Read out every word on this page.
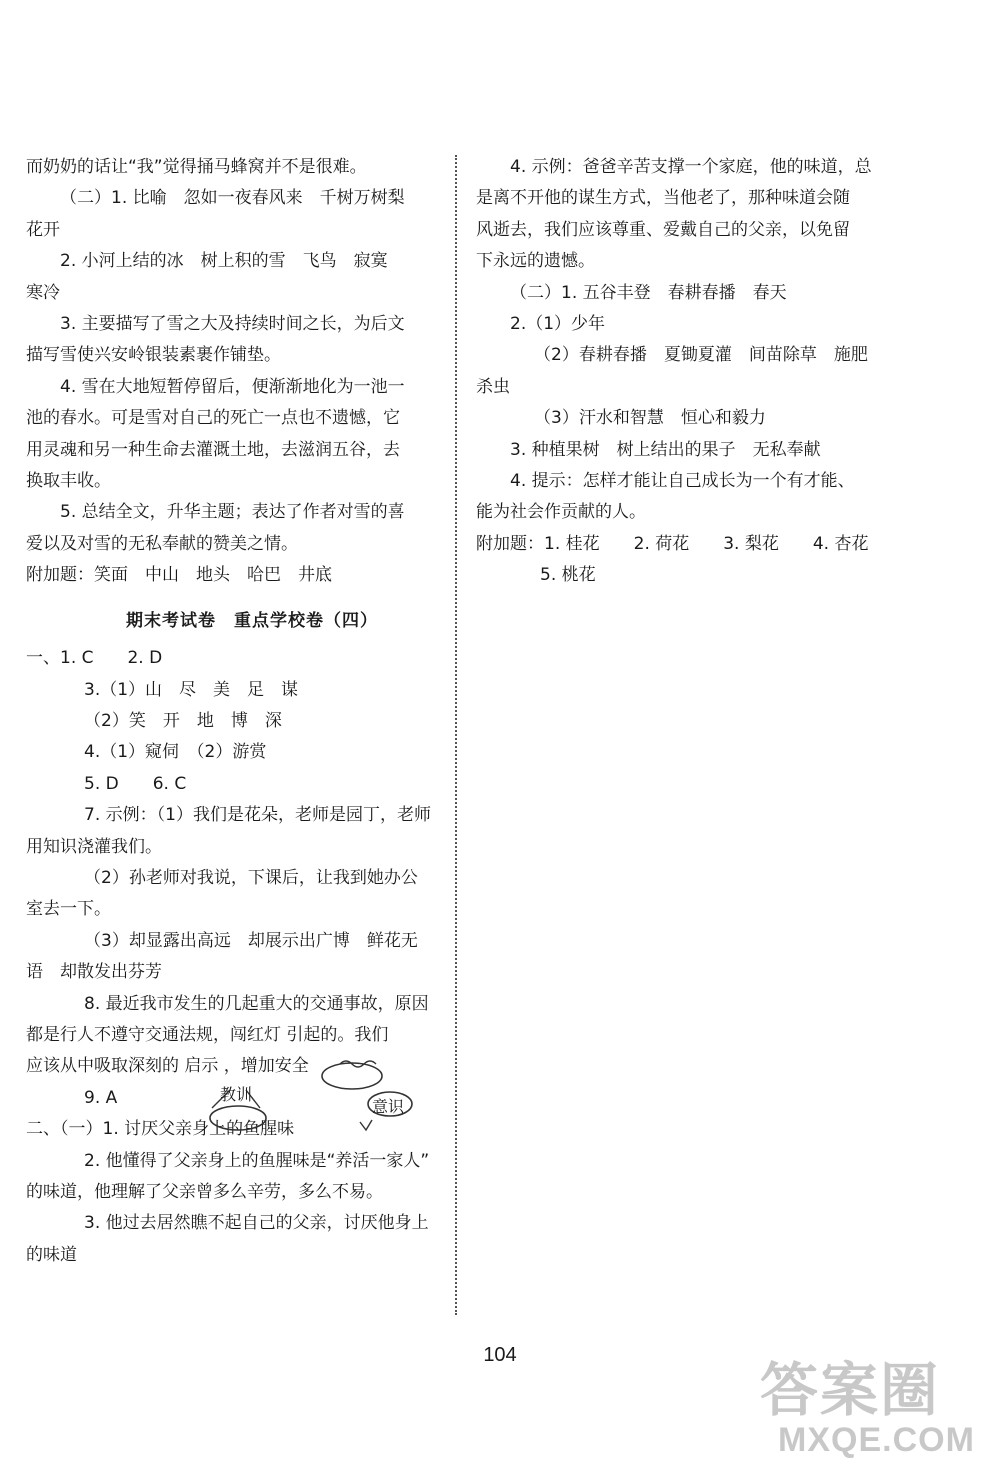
而奶奶的话让“我”觉得捅马蜂窝并不是很难。

（二）1. 比喻　忽如一夜春风来　千树万树梨

花开

2. 小河上结的冰　树上积的雪　飞鸟　寂寞

寒冷

3. 主要描写了雪之大及持续时间之长，为后文

描写雪使兴安岭银装素裹作铺垫。

4. 雪在大地短暂停留后，便渐渐地化为一池一

池的春水。可是雪对自己的死亡一点也不遗憾，它

用灵魂和另一种生命去灌溉土地，去滋润五谷，去

换取丰收。

5. 总结全文，升华主题；表达了作者对雪的喜

爱以及对雪的无私奉献的赞美之情。

附加题：笑面　中山　地头　哈巴　井底

期末考试卷　重点学校卷（四）

一、1. C　　2. D

3.（1）山　尽　美　足　谋

（2）笑　开　地　博　深

4.（1）窥伺　（2）游赏

5. D　　6. C

7. 示例：（1）我们是花朵，老师是园丁，老师

用知识浇灌我们。

（2）孙老师对我说，下课后，让我到她办公

室去一下。

（3）却显露出高远　却展示出广博　鲜花无

语　却散发出芬芳

8. 最近我市发生的几起重大的交通事故，原因

都是行人不遵守交通法规，闯红灯 引起的。我们

应该从中吸取深刻的 启示 ，增加安全

9. A

二、（一）1. 讨厌父亲身上的鱼腥味

2. 他懂得了父亲身上的鱼腥味是“养活一家人”

的味道，他理解了父亲曾多么辛劳，多么不易。

3. 他过去居然瞧不起自己的父亲，讨厌他身上

的味道

教训
意识

4. 示例：爸爸辛苦支撑一个家庭，他的味道，总

是离不开他的谋生方式，当他老了，那种味道会随

风逝去，我们应该尊重、爱戴自己的父亲，以免留

下永远的遗憾。

（二）1. 五谷丰登　春耕春播　春天

2.（1）少年

（2）春耕春播　夏锄夏灌　间苗除草　施肥

杀虫

（3）汗水和智慧　恒心和毅力

3. 种植果树　树上结出的果子　无私奉献

4. 提示：怎样才能让自己成长为一个有才能、

能为社会作贡献的人。

附加题：1. 桂花　　2. 荷花　　3. 梨花　　4. 杏花

5. 桃花

104
答案圈
MXQE.COM
